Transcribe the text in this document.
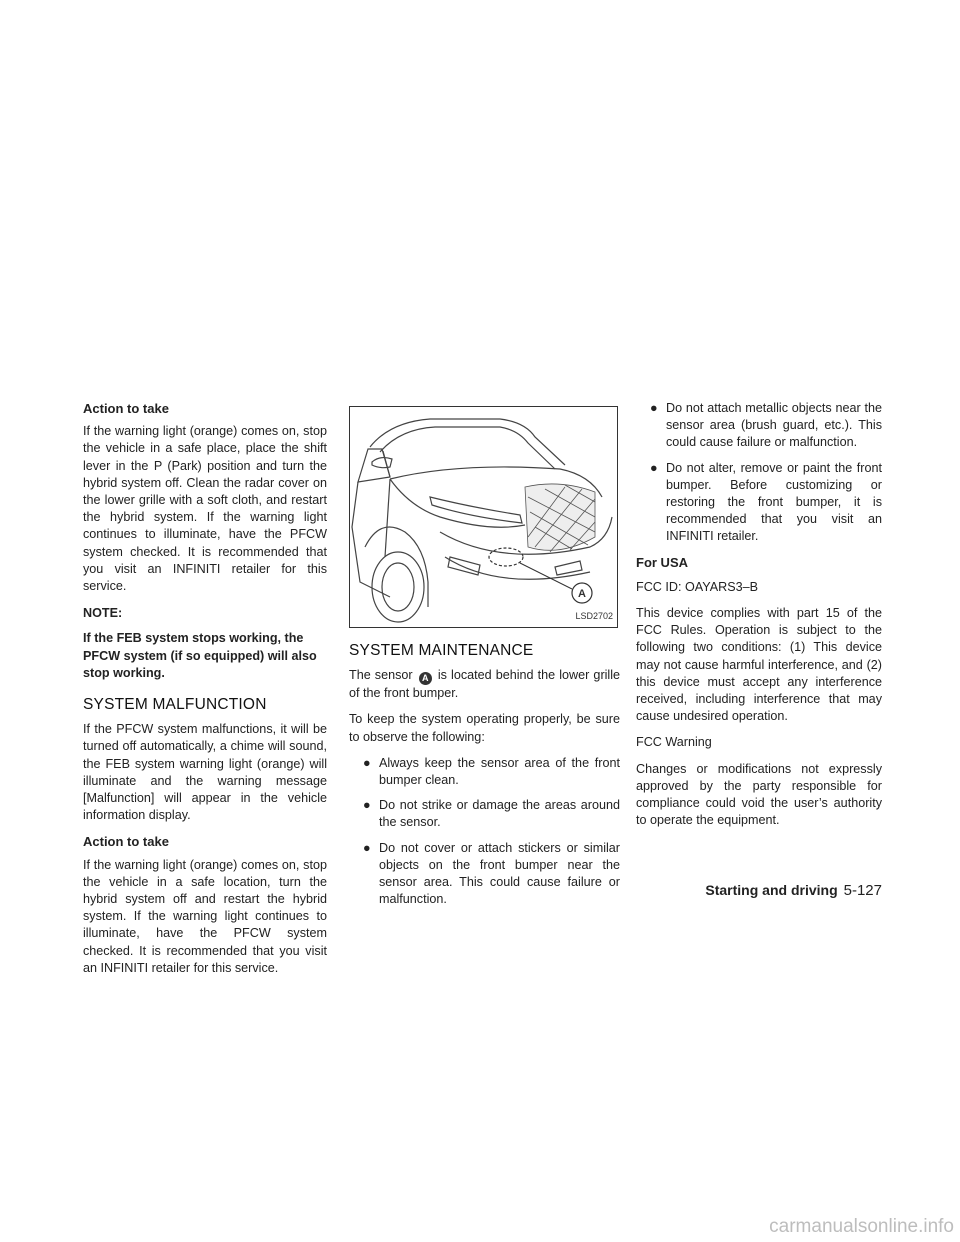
Action to take

If the warning light (orange) comes on, stop the vehicle in a safe place, place the shift lever in the P (Park) position and turn the hybrid system off. Clean the radar cover on the lower grille with a soft cloth, and restart the hybrid system. If the warning light continues to illuminate, have the PFCW system checked. It is recommended that you visit an INFINITI retailer for this service.

NOTE:

If the FEB system stops working, the PFCW system (if so equipped) will also stop working.

SYSTEM MALFUNCTION

If the PFCW system malfunctions, it will be turned off automatically, a chime will sound, the FEB system warning light (orange) will illuminate and the warning message [Malfunction] will appear in the vehicle information display.

Action to take

If the warning light (orange) comes on, stop the vehicle in a safe location, turn the hybrid system off and restart the hybrid system. If the warning light continues to illuminate, have the PFCW system checked. It is recommended that you visit an INFINITI retailer for this service.

A
LSD2702
SYSTEM MAINTENANCE

The sensor A is located behind the lower grille of the front bumper.

To keep the system operating properly, be sure to observe the following:

● Always keep the sensor area of the front bumper clean.
● Do not strike or damage the areas around the sensor.
● Do not cover or attach stickers or similar objects on the front bumper near the sensor area. This could cause failure or malfunction.
● Do not attach metallic objects near the sensor area (brush guard, etc.). This could cause failure or malfunction.
● Do not alter, remove or paint the front bumper. Before customizing or restoring the front bumper, it is recommended that you visit an INFINITI retailer.
For USA

FCC ID: OAYARS3–B

This device complies with part 15 of the FCC Rules. Operation is subject to the following two conditions: (1) This device may not cause harmful interference, and (2) this device must accept any interference received, including interference that may cause undesired operation.

FCC Warning

Changes or modifications not expressly approved by the party responsible for compliance could void the user’s authority to operate the equipment.

Starting and driving 5-127
carmanualsonline.info
